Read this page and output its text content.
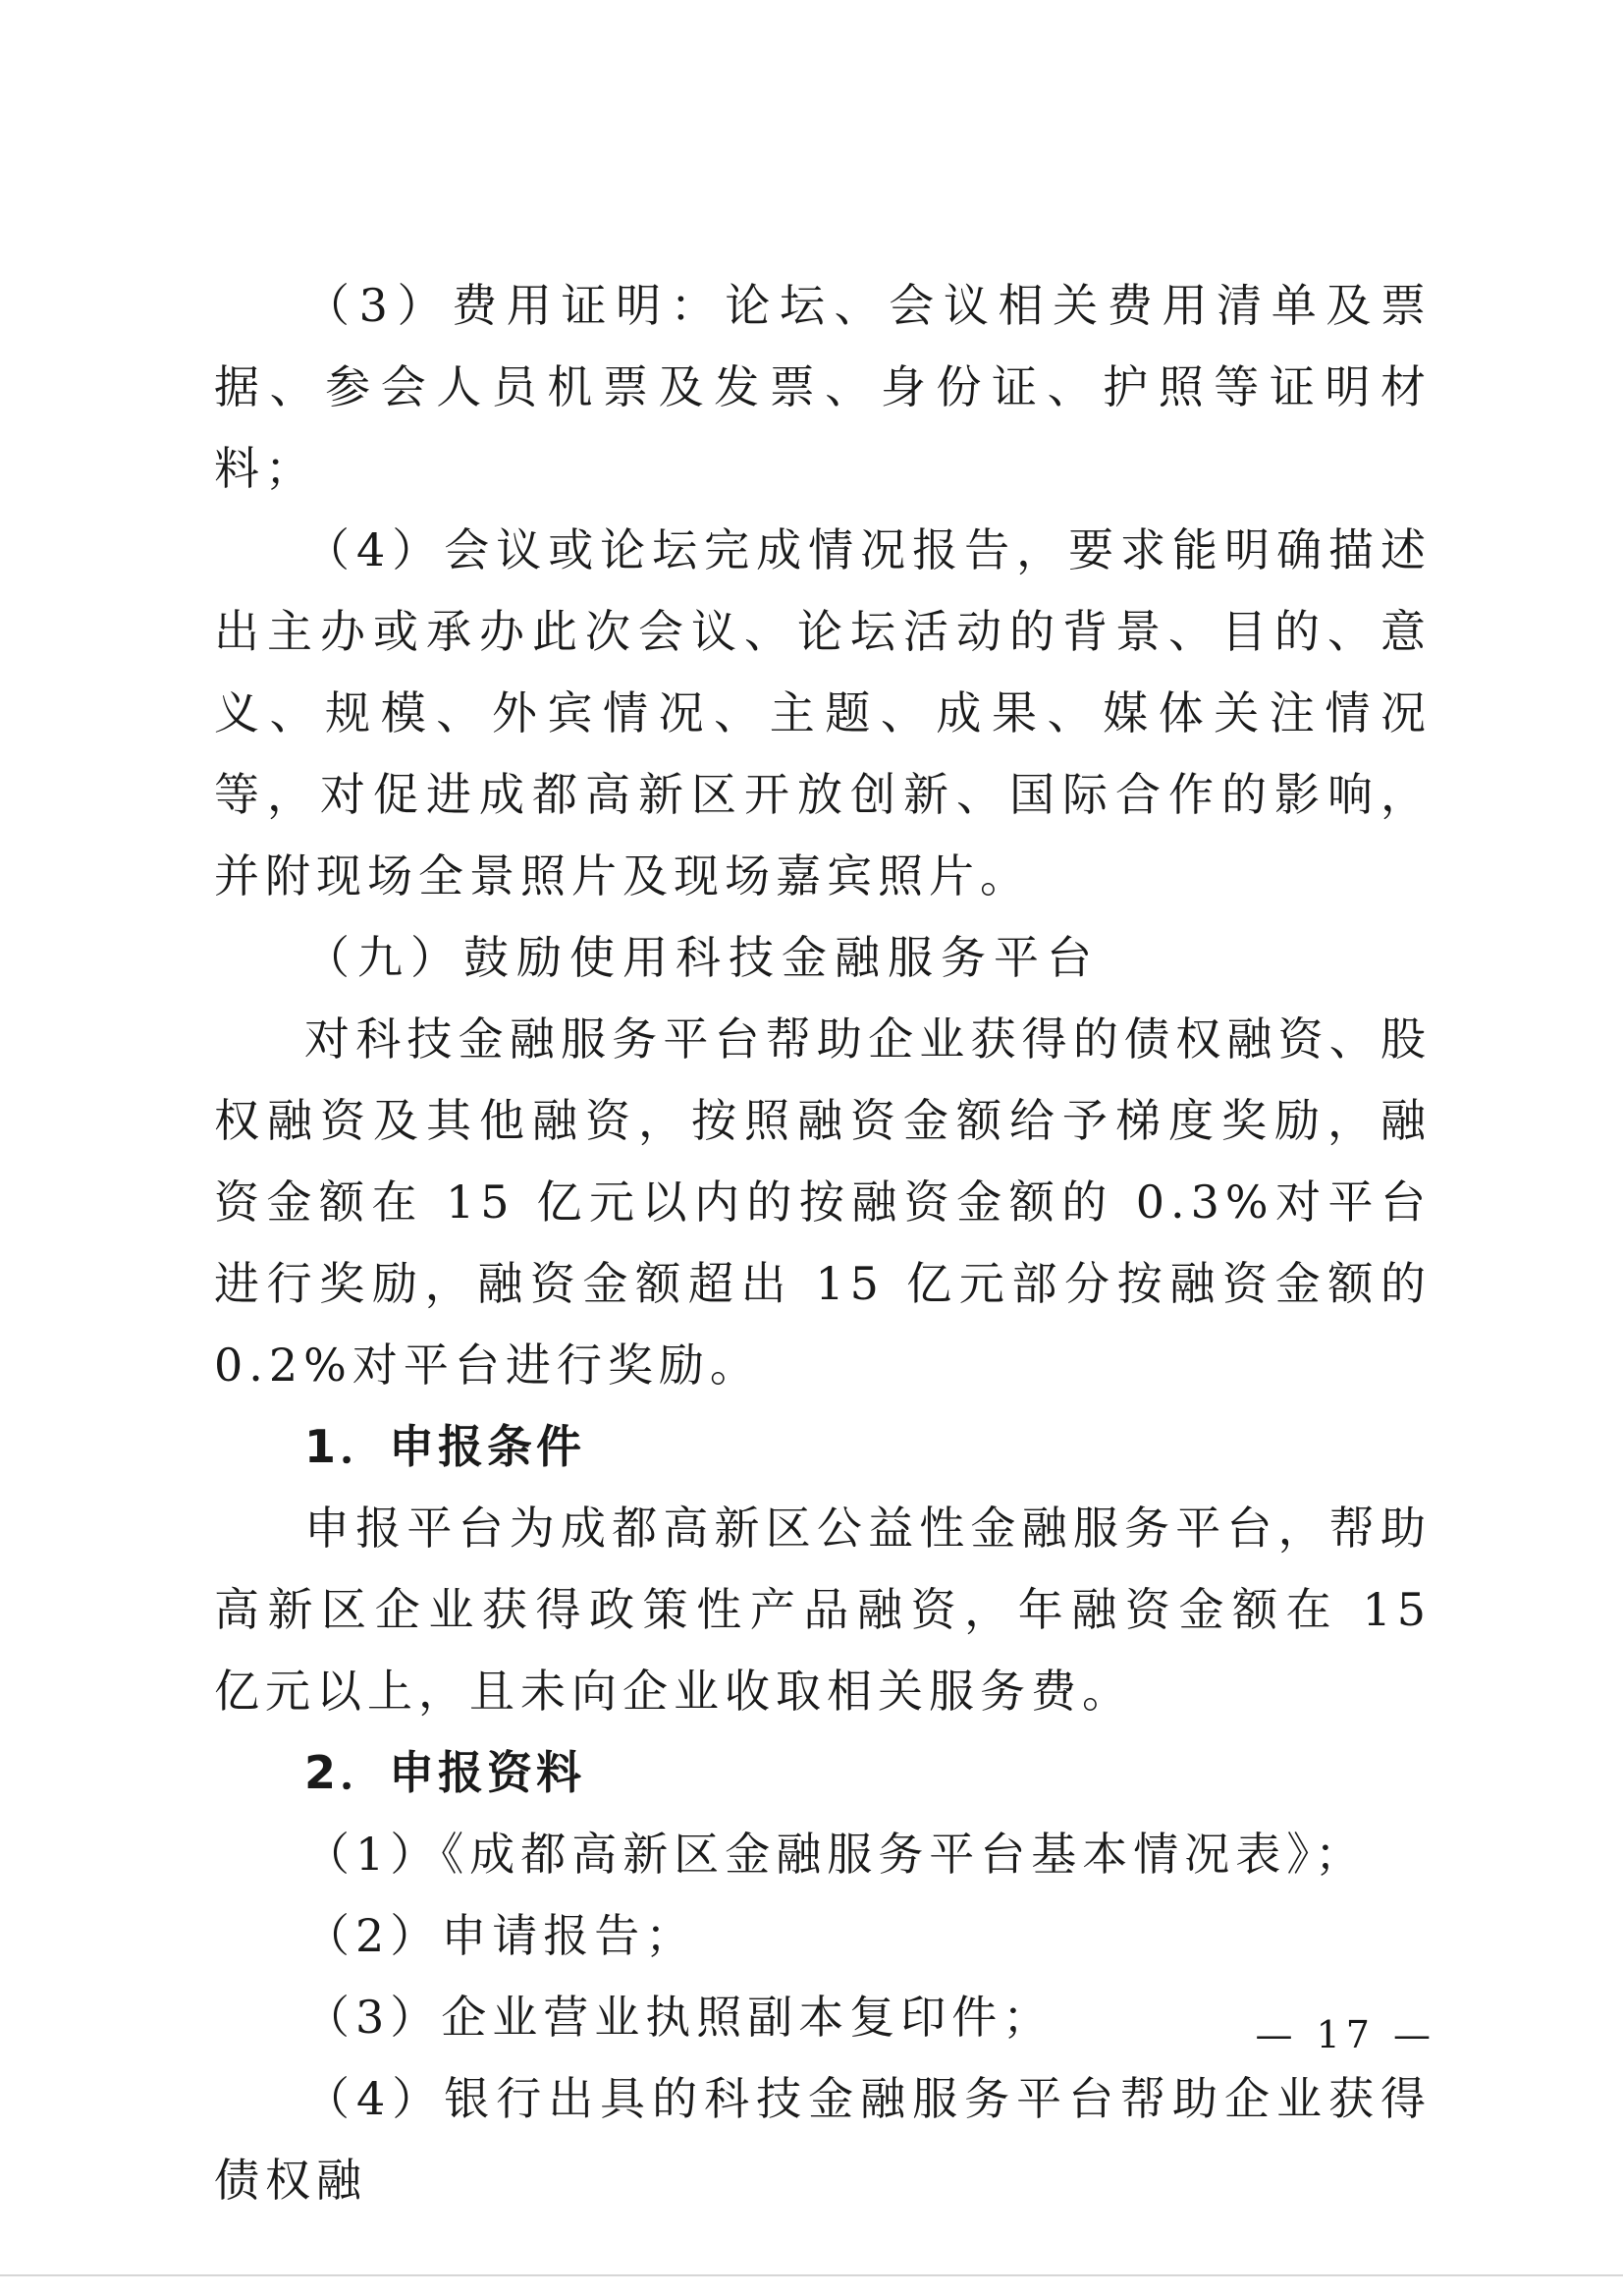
（3）费用证明：论坛、会议相关费用清单及票据、参会人员机票及发票、身份证、护照等证明材料；

（4）会议或论坛完成情况报告，要求能明确描述出主办或承办此次会议、论坛活动的背景、目的、意义、规模、外宾情况、主题、成果、媒体关注情况等，对促进成都高新区开放创新、国际合作的影响，并附现场全景照片及现场嘉宾照片。

（九）鼓励使用科技金融服务平台

对科技金融服务平台帮助企业获得的债权融资、股权融资及其他融资，按照融资金额给予梯度奖励，融资金额在 15 亿元以内的按融资金额的 0.3%对平台进行奖励，融资金额超出 15 亿元部分按融资金额的 0.2%对平台进行奖励。

1．申报条件

申报平台为成都高新区公益性金融服务平台，帮助高新区企业获得政策性产品融资，年融资金额在 15 亿元以上，且未向企业收取相关服务费。

2．申报资料

（1）《成都高新区金融服务平台基本情况表》；

（2）申请报告；

（3）企业营业执照副本复印件；

（4）银行出具的科技金融服务平台帮助企业获得债权融

— 17 —
